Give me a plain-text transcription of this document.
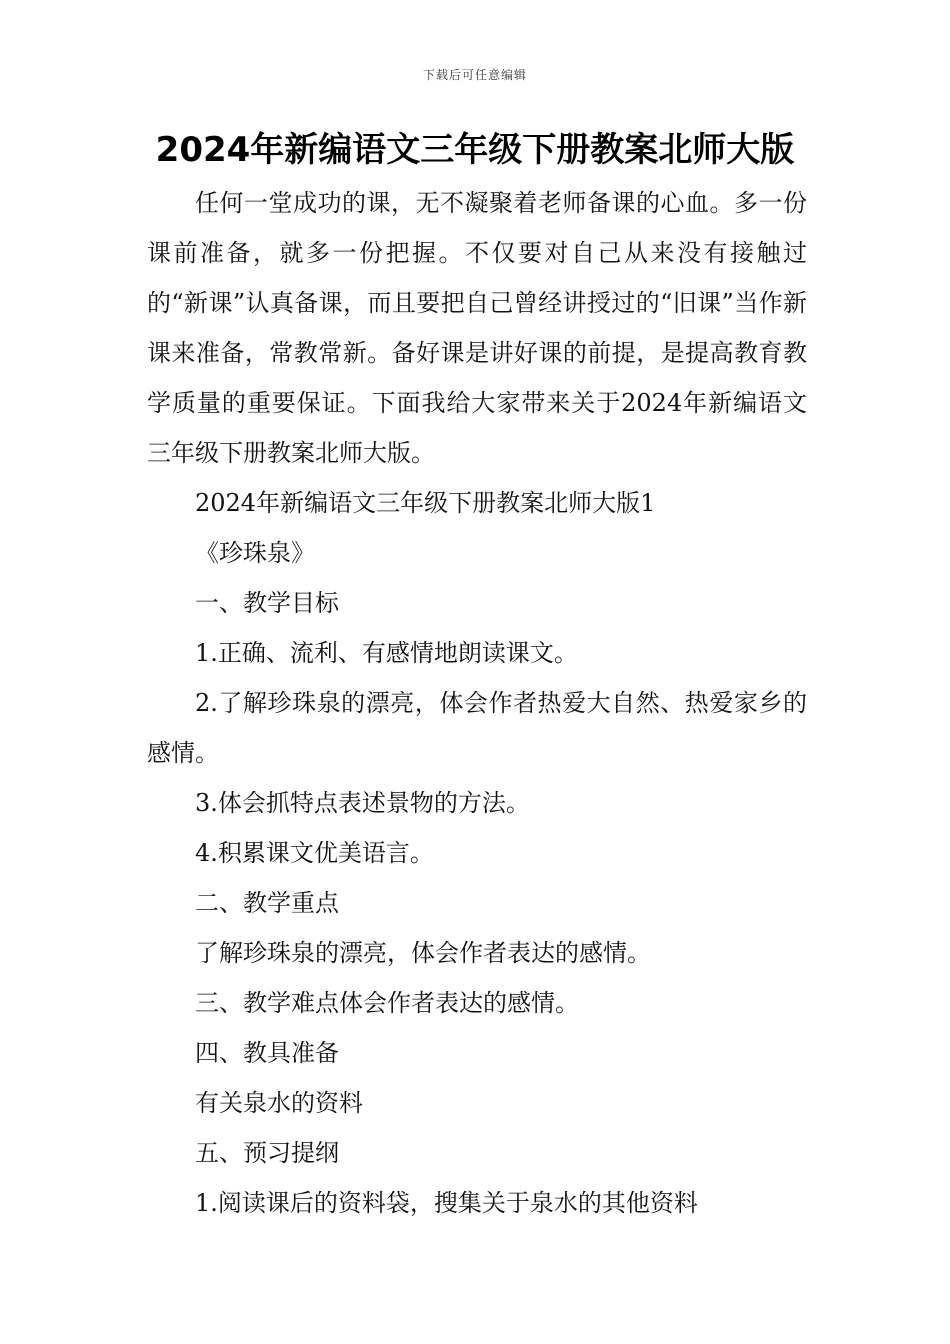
下载后可任意编辑
2024年新编语文三年级下册教案北师大版

任何一堂成功的课，无不凝聚着老师备课的心血。多一份课前准备，就多一份把握。不仅要对自己从来没有接触过的“新课”认真备课，而且要把自己曾经讲授过的“旧课”当作新课来准备，常教常新。备好课是讲好课的前提，是提高教育教学质量的重要保证。下面我给大家带来关于2024年新编语文三年级下册教案北师大版。

2024年新编语文三年级下册教案北师大版1

《珍珠泉》

一、教学目标

1.正确、流利、有感情地朗读课文。

2.了解珍珠泉的漂亮，体会作者热爱大自然、热爱家乡的感情。

3.体会抓特点表述景物的方法。

4.积累课文优美语言。

二、教学重点

了解珍珠泉的漂亮，体会作者表达的感情。

三、教学难点体会作者表达的感情。

四、教具准备

有关泉水的资料

五、预习提纲

1.阅读课后的资料袋，搜集关于泉水的其他资料
